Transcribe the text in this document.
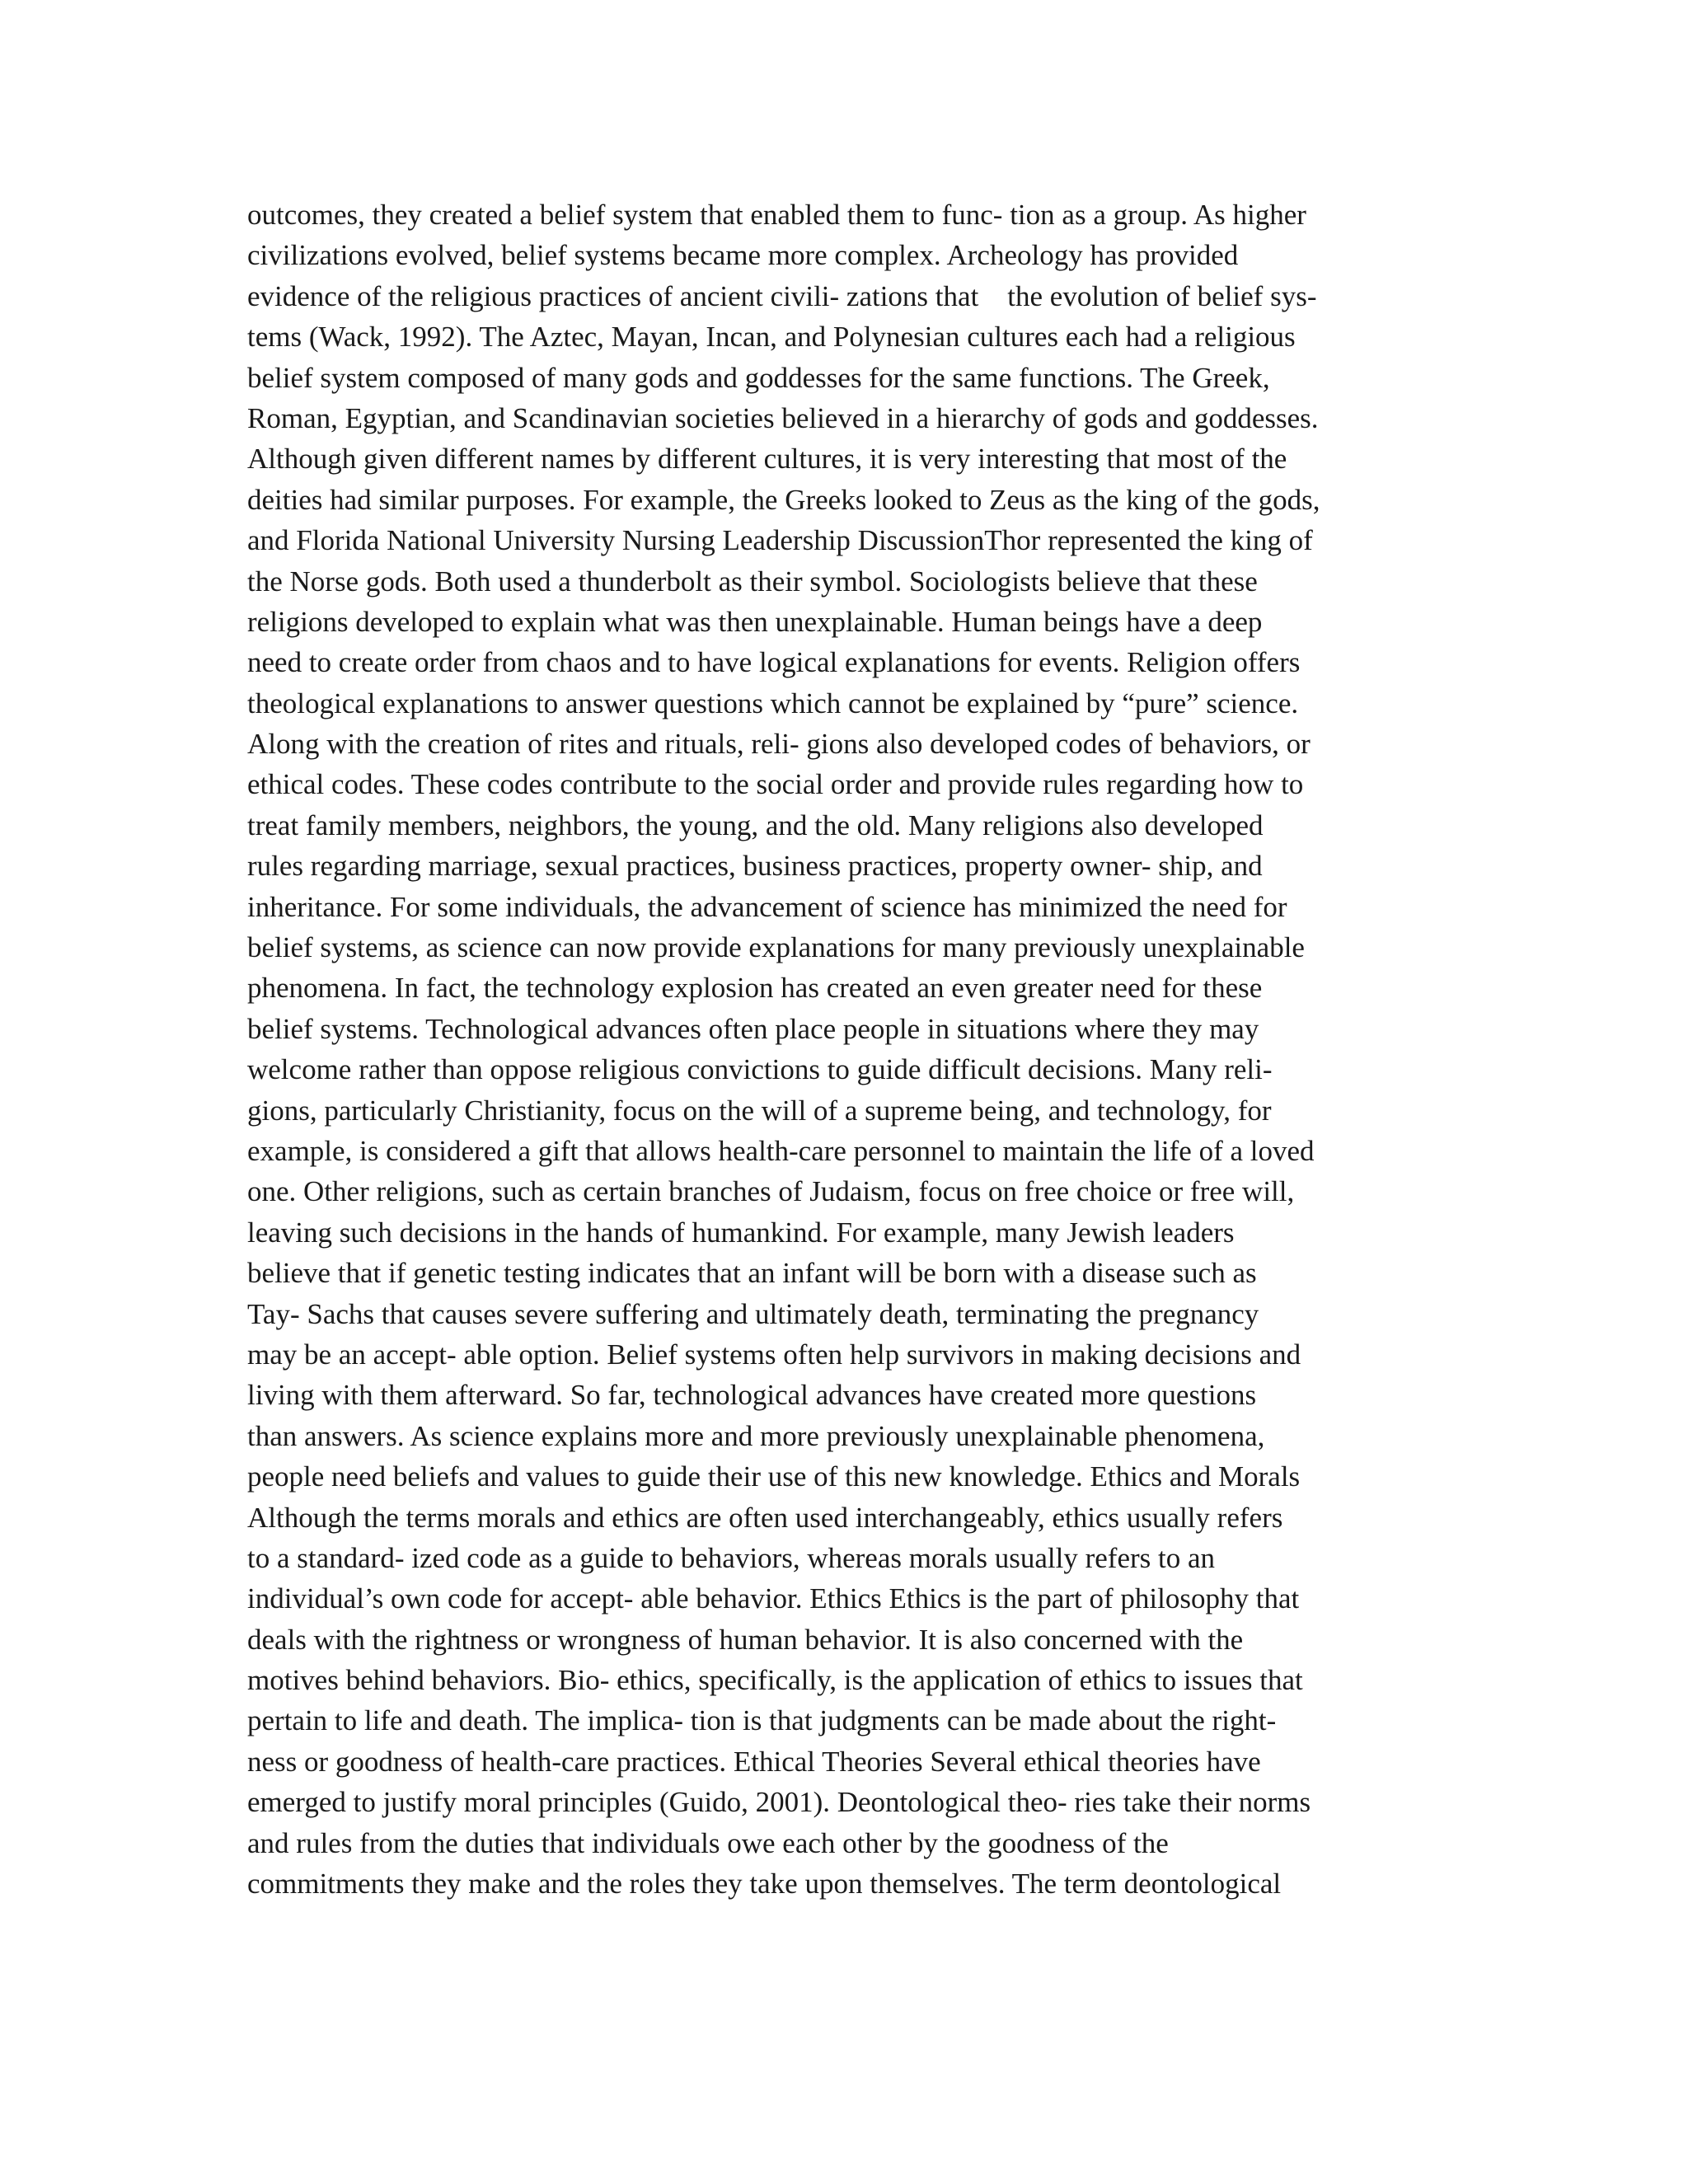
outcomes, they created a belief system that enabled them to func- tion as a group. As higher
civilizations evolved, belief systems became more complex. Archeology has provided
evidence of the religious practices of ancient civili- zations that    the evolution of belief sys-
tems (Wack, 1992). The Aztec, Mayan, Incan, and Polynesian cultures each had a religious
belief system composed of many gods and goddesses for the same functions. The Greek,
Roman, Egyptian, and Scandinavian societies believed in a hierarchy of gods and goddesses.
Although given different names by different cultures, it is very interesting that most of the
deities had similar purposes. For example, the Greeks looked to Zeus as the king of the gods,
and Florida National University Nursing Leadership DiscussionThor represented the king of
the Norse gods. Both used a thunderbolt as their symbol. Sociologists believe that these
religions developed to explain what was then unexplainable. Human beings have a deep
need to create order from chaos and to have logical explanations for events. Religion offers
theological explanations to answer questions which cannot be explained by “pure” science.
Along with the creation of rites and rituals, reli- gions also developed codes of behaviors, or
ethical codes. These codes contribute to the social order and provide rules regarding how to
treat family members, neighbors, the young, and the old. Many religions also developed
rules regarding marriage, sexual practices, business practices, property owner- ship, and
inheritance. For some individuals, the advancement of science has minimized the need for
belief systems, as science can now provide explanations for many previously unexplainable
phenomena. In fact, the technology explosion has created an even greater need for these
belief systems. Technological advances often place people in situations where they may
welcome rather than oppose religious convictions to guide difficult decisions. Many reli-
gions, particularly Christianity, focus on the will of a supreme being, and technology, for
example, is considered a gift that allows health-care personnel to maintain the life of a loved
one. Other religions, such as certain branches of Judaism, focus on free choice or free will,
leaving such decisions in the hands of humankind. For example, many Jewish leaders
believe that if genetic testing indicates that an infant will be born with a disease such as
Tay- Sachs that causes severe suffering and ultimately death, terminating the pregnancy
may be an accept- able option. Belief systems often help survivors in making decisions and
living with them afterward. So far, technological advances have created more questions
than answers. As science explains more and more previously unexplainable phenomena,
people need beliefs and values to guide their use of this new knowledge. Ethics and Morals
Although the terms morals and ethics are often used interchangeably, ethics usually refers
to a standard- ized code as a guide to behaviors, whereas morals usually refers to an
individual’s own code for accept- able behavior. Ethics Ethics is the part of philosophy that
deals with the rightness or wrongness of human behavior. It is also concerned with the
motives behind behaviors. Bio- ethics, specifically, is the application of ethics to issues that
pertain to life and death. The implica- tion is that judgments can be made about the right-
ness or goodness of health-care practices. Ethical Theories Several ethical theories have
emerged to justify moral principles (Guido, 2001). Deontological theo- ries take their norms
and rules from the duties that individuals owe each other by the goodness of the
commitments they make and the roles they take upon themselves. The term deontological
